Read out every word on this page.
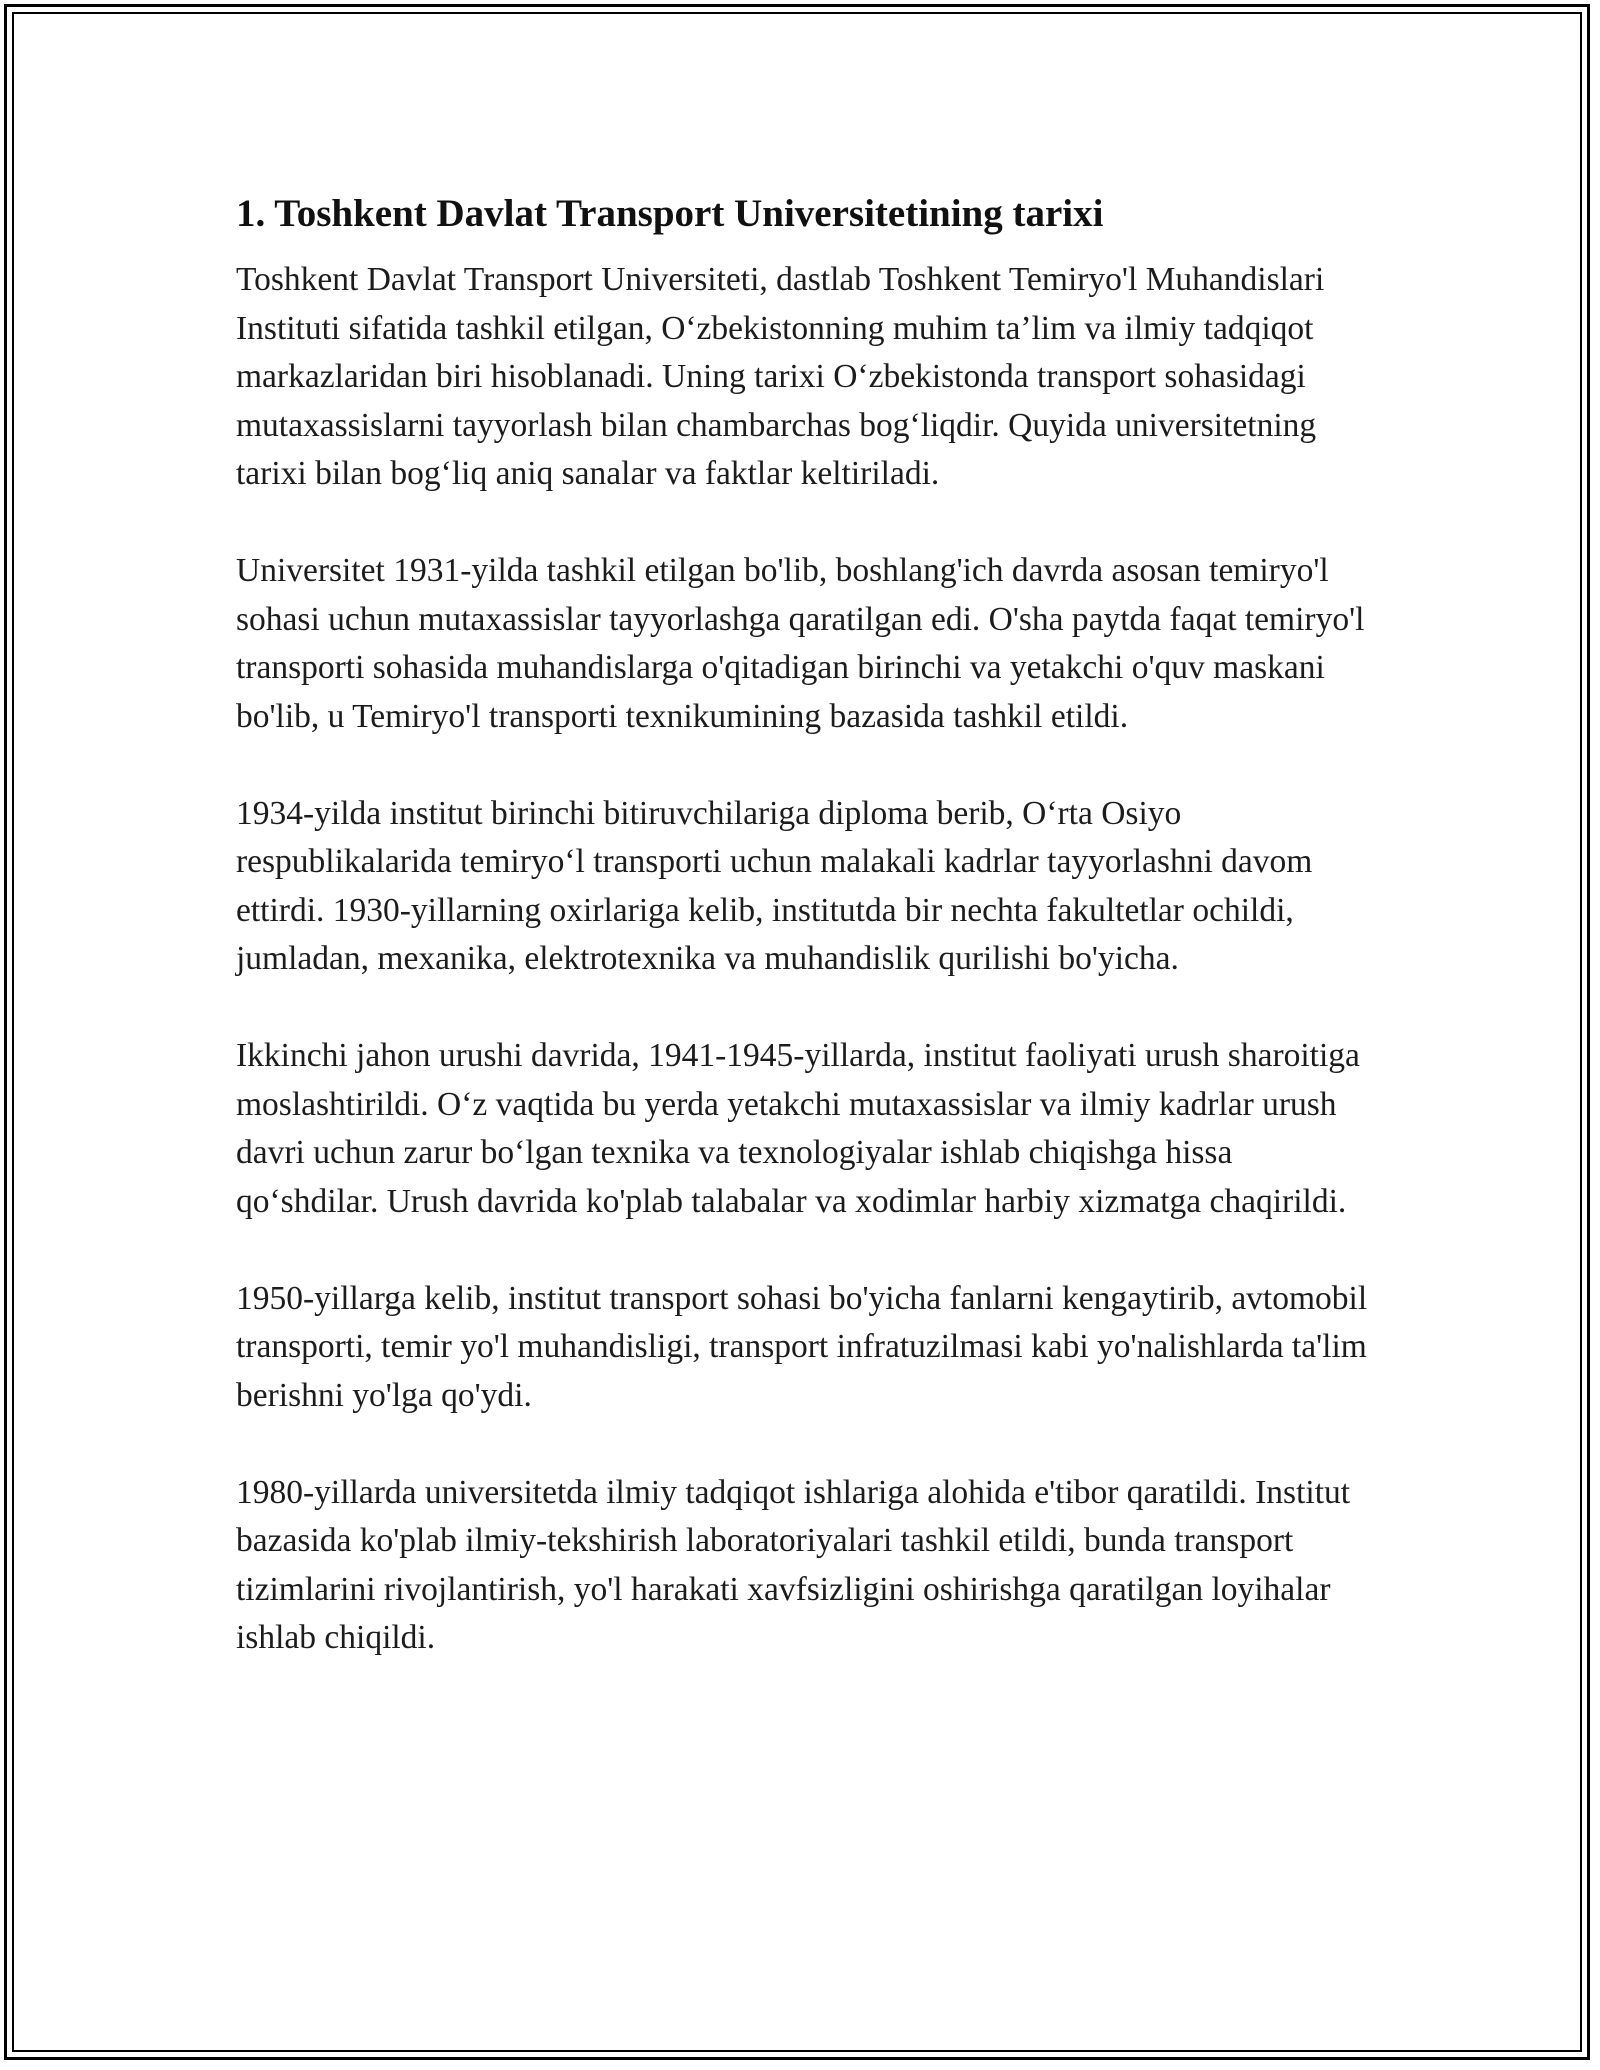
1. Toshkent Davlat Transport Universitetining tarixi

Toshkent Davlat Transport Universiteti, dastlab Toshkent Temiryo'l Muhandislari Instituti sifatida tashkil etilgan, O‘zbekistonning muhim ta’lim va ilmiy tadqiqot markazlaridan biri hisoblanadi. Uning tarixi O‘zbekistonda transport sohasidagi mutaxassislarni tayyorlash bilan chambarchas bog‘liqdir. Quyida universitetning tarixi bilan bog‘liq aniq sanalar va faktlar keltiriladi.

Universitet 1931-yilda tashkil etilgan bo'lib, boshlang'ich davrda asosan temiryo'l sohasi uchun mutaxassislar tayyorlashga qaratilgan edi. O'sha paytda faqat temiryo'l transporti sohasida muhandislarga o'qitadigan birinchi va yetakchi o'quv maskani bo'lib, u Temiryo'l transporti texnikumining bazasida tashkil etildi.

1934-yilda institut birinchi bitiruvchilariga diploma berib, O‘rta Osiyo respublikalarida temiryo‘l transporti uchun malakali kadrlar tayyorlashni davom ettirdi. 1930-yillarning oxirlariga kelib, institutda bir nechta fakultetlar ochildi, jumladan, mexanika, elektrotexnika va muhandislik qurilishi bo'yicha.

Ikkinchi jahon urushi davrida, 1941-1945-yillarda, institut faoliyati urush sharoitiga moslashtirildi. O‘z vaqtida bu yerda yetakchi mutaxassislar va ilmiy kadrlar urush davri uchun zarur bo‘lgan texnika va texnologiyalar ishlab chiqishga hissa qo‘shdilar. Urush davrida ko'plab talabalar va xodimlar harbiy xizmatga chaqirildi.

1950-yillarga kelib, institut transport sohasi bo'yicha fanlarni kengaytirib, avtomobil transporti, temir yo'l muhandisligi, transport infratuzilmasi kabi yo'nalishlarda ta'lim berishni yo'lga qo'ydi.

1980-yillarda universitetda ilmiy tadqiqot ishlariga alohida e'tibor qaratildi. Institut bazasida ko'plab ilmiy-tekshirish laboratoriyalari tashkil etildi, bunda transport tizimlarini rivojlantirish, yo'l harakati xavfsizligini oshirishga qaratilgan loyihalar ishlab chiqildi.
